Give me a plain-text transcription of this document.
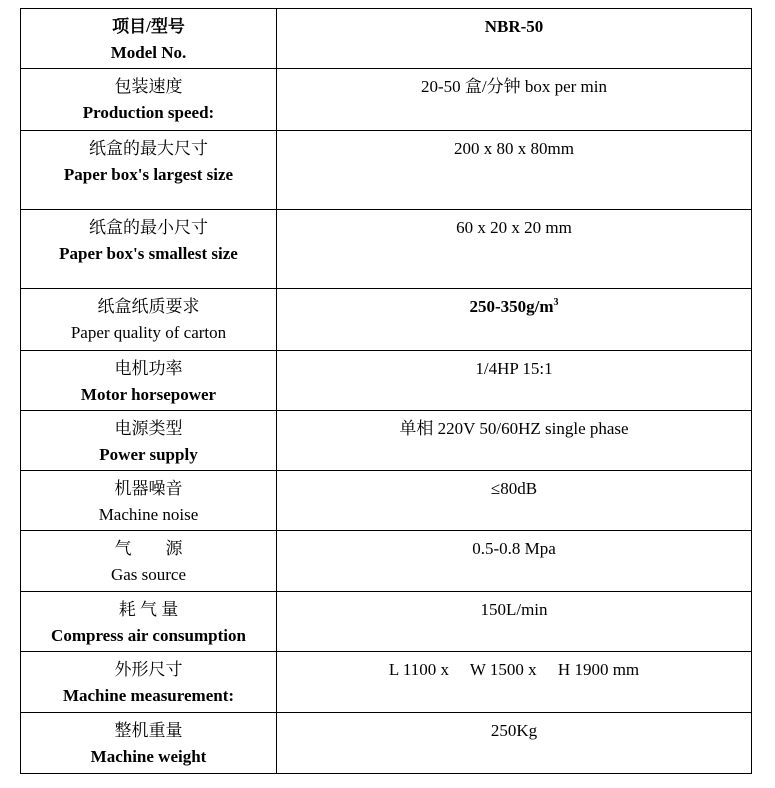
项目/型号
Model No.	NBR-50

包装速度
Production speed:	20-50 盒/分钟 box per min

纸盒的最大尺寸
Paper box's largest size	200 x 80 x 80mm

纸盒的最小尺寸
Paper box's smallest size	60 x 20 x 20 mm

纸盒纸质要求
Paper quality of carton	$250-350g/m^3$

电机功率
Motor horsepower	1/4HP 15:1

电源类型
Power supply	单相 220V 50/60HZ single phase

机器噪音
Machine noise	≤80dB

气　　源
Gas source	0.5-0.8 Mpa

耗 气 量
Compress air consumption	150L/min

外形尺寸
Machine measurement:	L 1100 x　 W 1500 x　 H 1900 mm

整机重量
Machine weight	250Kg
